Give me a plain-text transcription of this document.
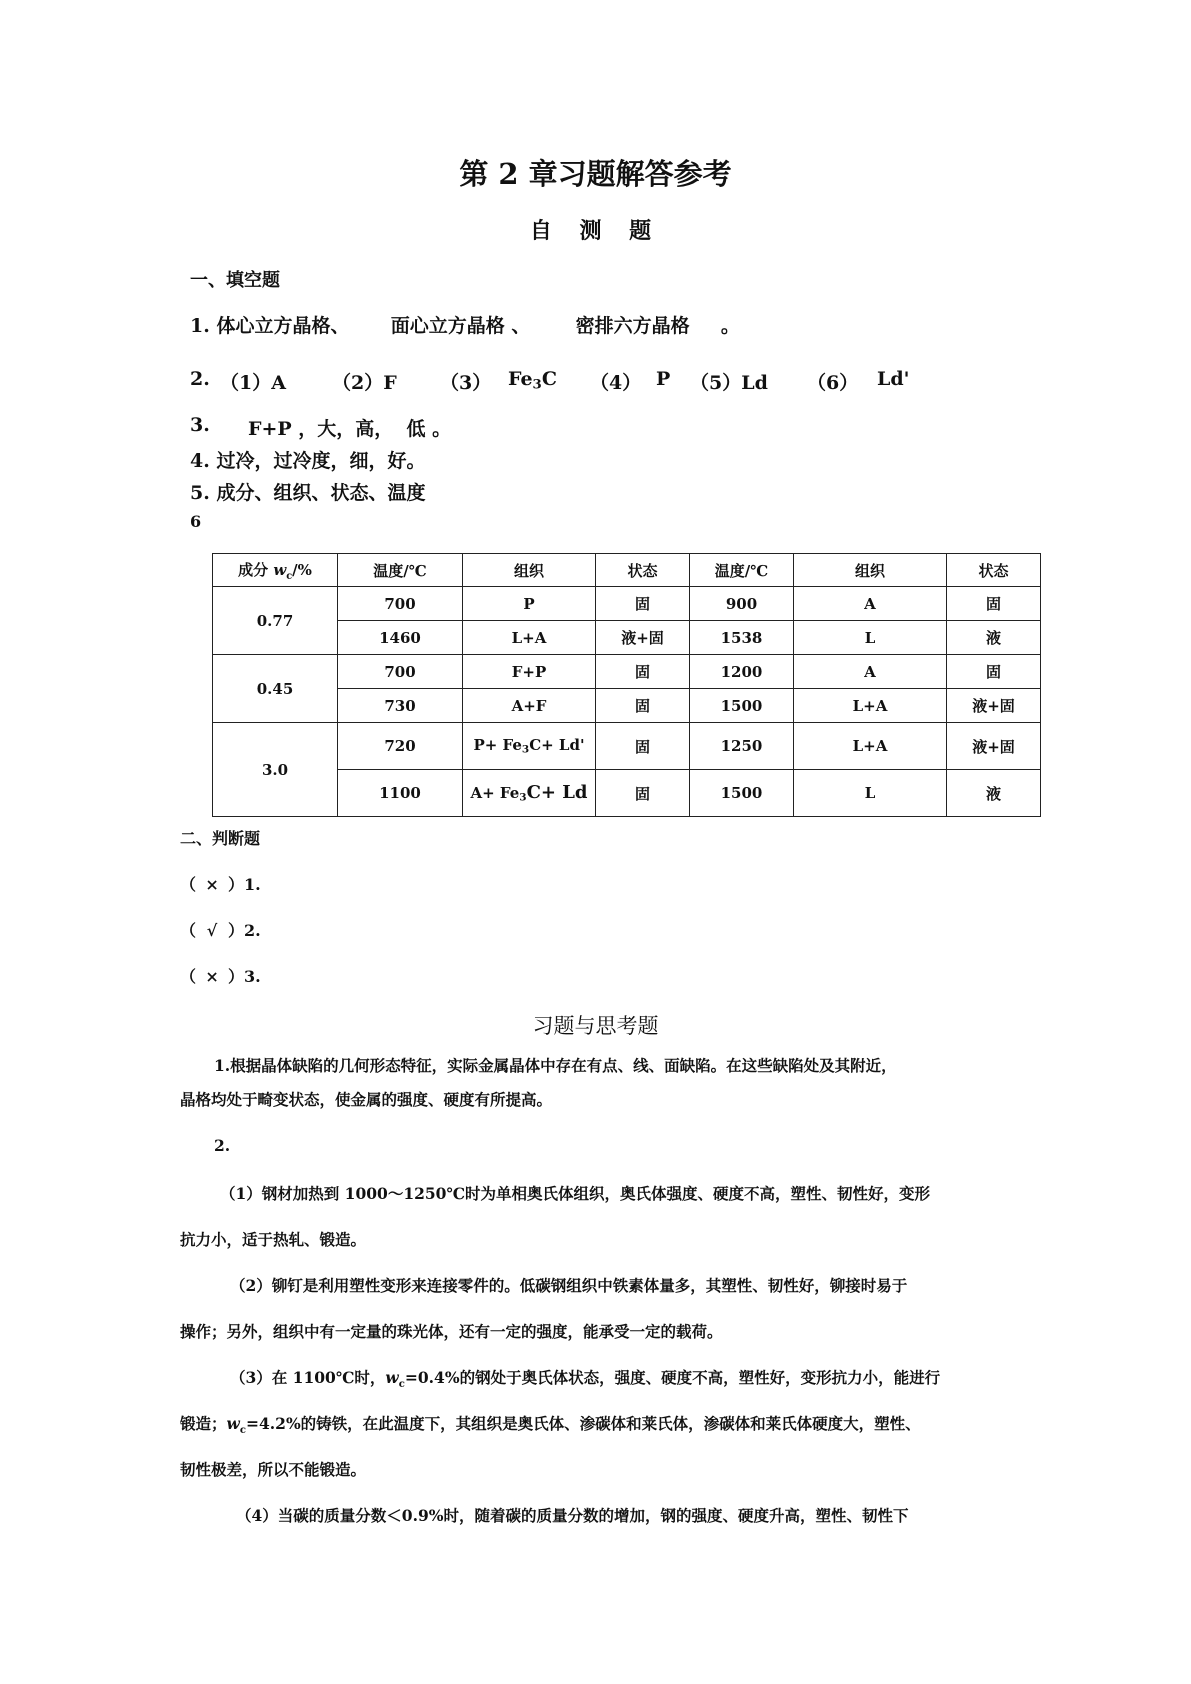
第 2 章习题解答参考
自 测 题
一、填空题
1. 体心立方晶格、 面心立方晶格 、 密排六方晶格 。
2. （1）A （2）F （3） Fe3C （4） P （5）Ld （6） Ld'
3. F+P ，大，高，  低 。
4. 过冷，过冷度，细，好。
5. 成分、组织、状态、温度
6
成分 $w_c/\%$	温度/℃	组织	状态	温度/℃	组织	状态
0.77	700	P	固	900	A	固
	1460	L+A	液+固	1538	L	液
0.45	700	F+P	固	1200	A	固
	730	A+F	固	1500	L+A	液+固
3.0	720	P+ Fe3C+ Ld'	固	1250	L+A	液+固
	1100	A+ Fe3C+ Ld	固	1500	L	液
二、判断题
（ × ）1.
（ √ ）2.
（ × ）3.
习题与思考题
1.根据晶体缺陷的几何形态特征，实际金属晶体中存在有点、线、面缺陷。在这些缺陷处及其附近，
晶格均处于畸变状态，使金属的强度、硬度有所提高。
2.
（1）钢材加热到 1000～1250℃时为单相奥氏体组织，奥氏体强度、硬度不高，塑性、韧性好，变形
抗力小，适于热轧、锻造。
（2）铆钉是利用塑性变形来连接零件的。低碳钢组织中铁素体量多，其塑性、韧性好，铆接时易于
操作；另外，组织中有一定量的珠光体，还有一定的强度，能承受一定的载荷。
（3）在 1100℃时，$w_c=0.4\%$的钢处于奥氏体状态，强度、硬度不高，塑性好，变形抗力小，能进行
锻造；$w_c=4.2\%$的铸铁，在此温度下，其组织是奥氏体、渗碳体和莱氏体，渗碳体和莱氏体硬度大，塑性、
韧性极差，所以不能锻造。
（4）当碳的质量分数＜0.9%时，随着碳的质量分数的增加，钢的强度、硬度升高，塑性、韧性下
